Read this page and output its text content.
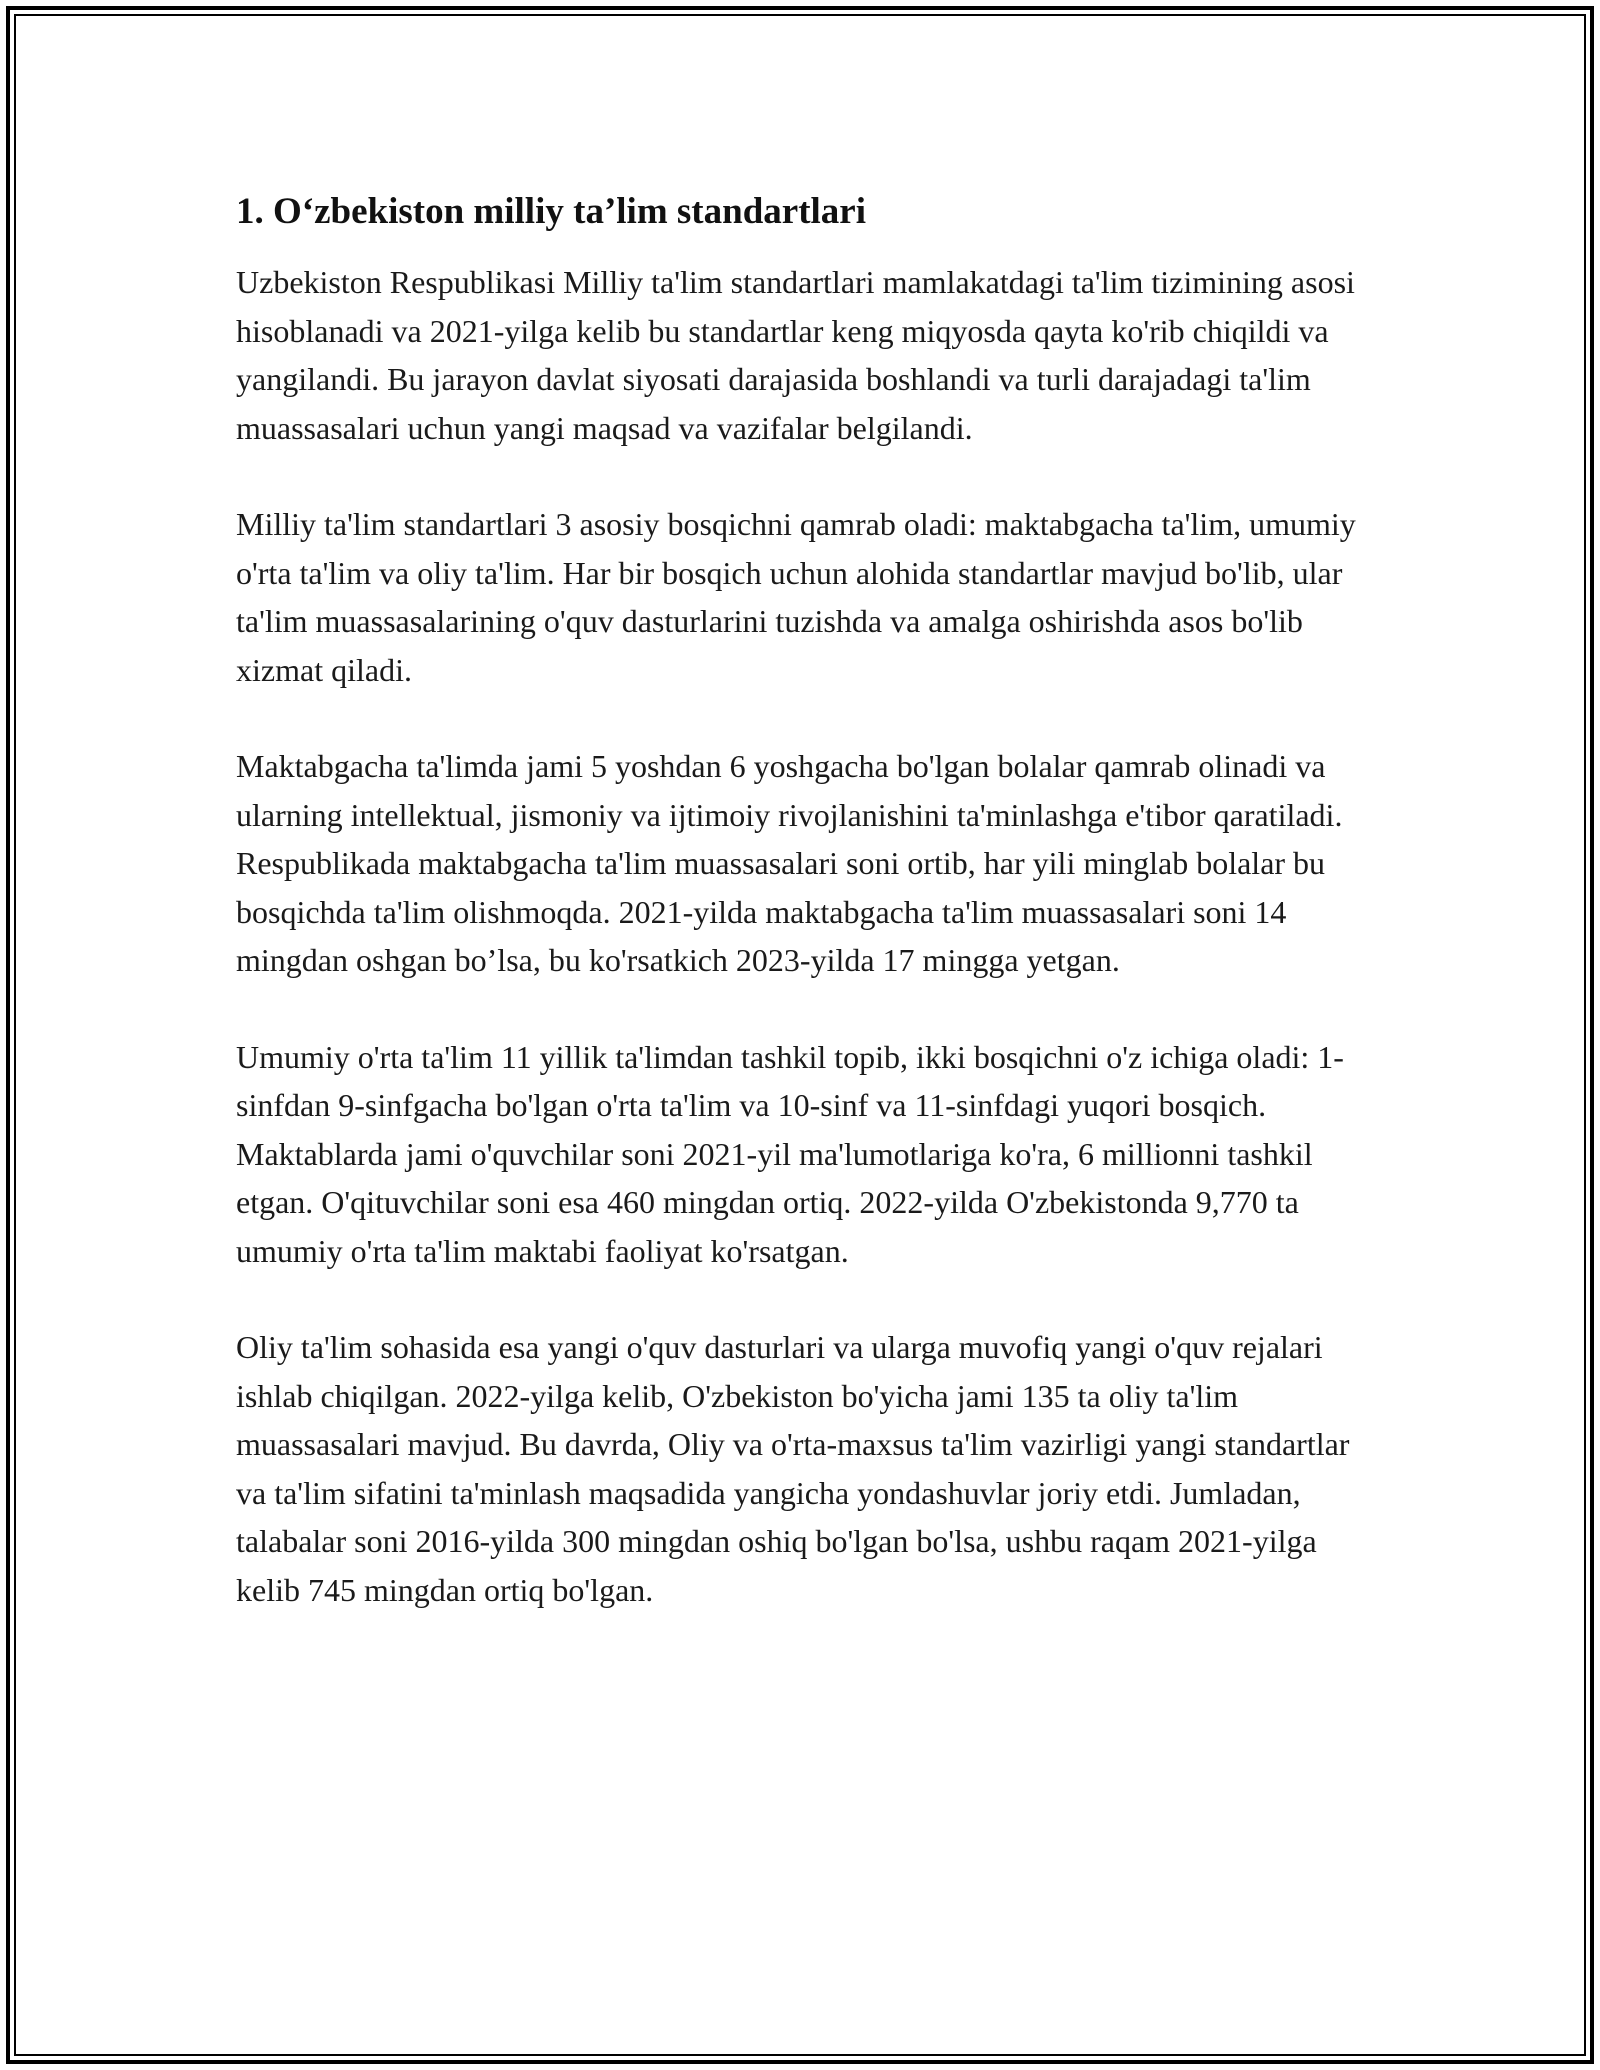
1. O‘zbekiston milliy ta’lim standartlari

Uzbekiston Respublikasi Milliy ta'lim standartlari mamlakatdagi ta'lim tizimining asosi hisoblanadi va 2021-yilga kelib bu standartlar keng miqyosda qayta ko'rib chiqildi va yangilandi. Bu jarayon davlat siyosati darajasida boshlandi va turli darajadagi ta'lim muassasalari uchun yangi maqsad va vazifalar belgilandi.

Milliy ta'lim standartlari 3 asosiy bosqichni qamrab oladi: maktabgacha ta'lim, umumiy o'rta ta'lim va oliy ta'lim. Har bir bosqich uchun alohida standartlar mavjud bo'lib, ular ta'lim muassasalarining o'quv dasturlarini tuzishda va amalga oshirishda asos bo'lib xizmat qiladi.

Maktabgacha ta'limda jami 5 yoshdan 6 yoshgacha bo'lgan bolalar qamrab olinadi va ularning intellektual, jismoniy va ijtimoiy rivojlanishini ta'minlashga e'tibor qaratiladi. Respublikada maktabgacha ta'lim muassasalari soni ortib, har yili minglab bolalar bu bosqichda ta'lim olishmoqda. 2021-yilda maktabgacha ta'lim muassasalari soni 14 mingdan oshgan bo’lsa, bu ko'rsatkich 2023-yilda 17 mingga yetgan.

Umumiy o'rta ta'lim 11 yillik ta'limdan tashkil topib, ikki bosqichni o'z ichiga oladi: 1-sinfdan 9-sinfgacha bo'lgan o'rta ta'lim va 10-sinf va 11-sinfdagi yuqori bosqich. Maktablarda jami o'quvchilar soni 2021-yil ma'lumotlariga ko'ra, 6 millionni tashkil etgan. O'qituvchilar soni esa 460 mingdan ortiq. 2022-yilda O'zbekistonda 9,770 ta umumiy o'rta ta'lim maktabi faoliyat ko'rsatgan.

Oliy ta'lim sohasida esa yangi o'quv dasturlari va ularga muvofiq yangi o'quv rejalari ishlab chiqilgan. 2022-yilga kelib, O'zbekiston bo'yicha jami 135 ta oliy ta'lim muassasalari mavjud. Bu davrda, Oliy va o'rta-maxsus ta'lim vazirligi yangi standartlar va ta'lim sifatini ta'minlash maqsadida yangicha yondashuvlar joriy etdi. Jumladan, talabalar soni 2016-yilda 300 mingdan oshiq bo'lgan bo'lsa, ushbu raqam 2021-yilga kelib 745 mingdan ortiq bo'lgan.
